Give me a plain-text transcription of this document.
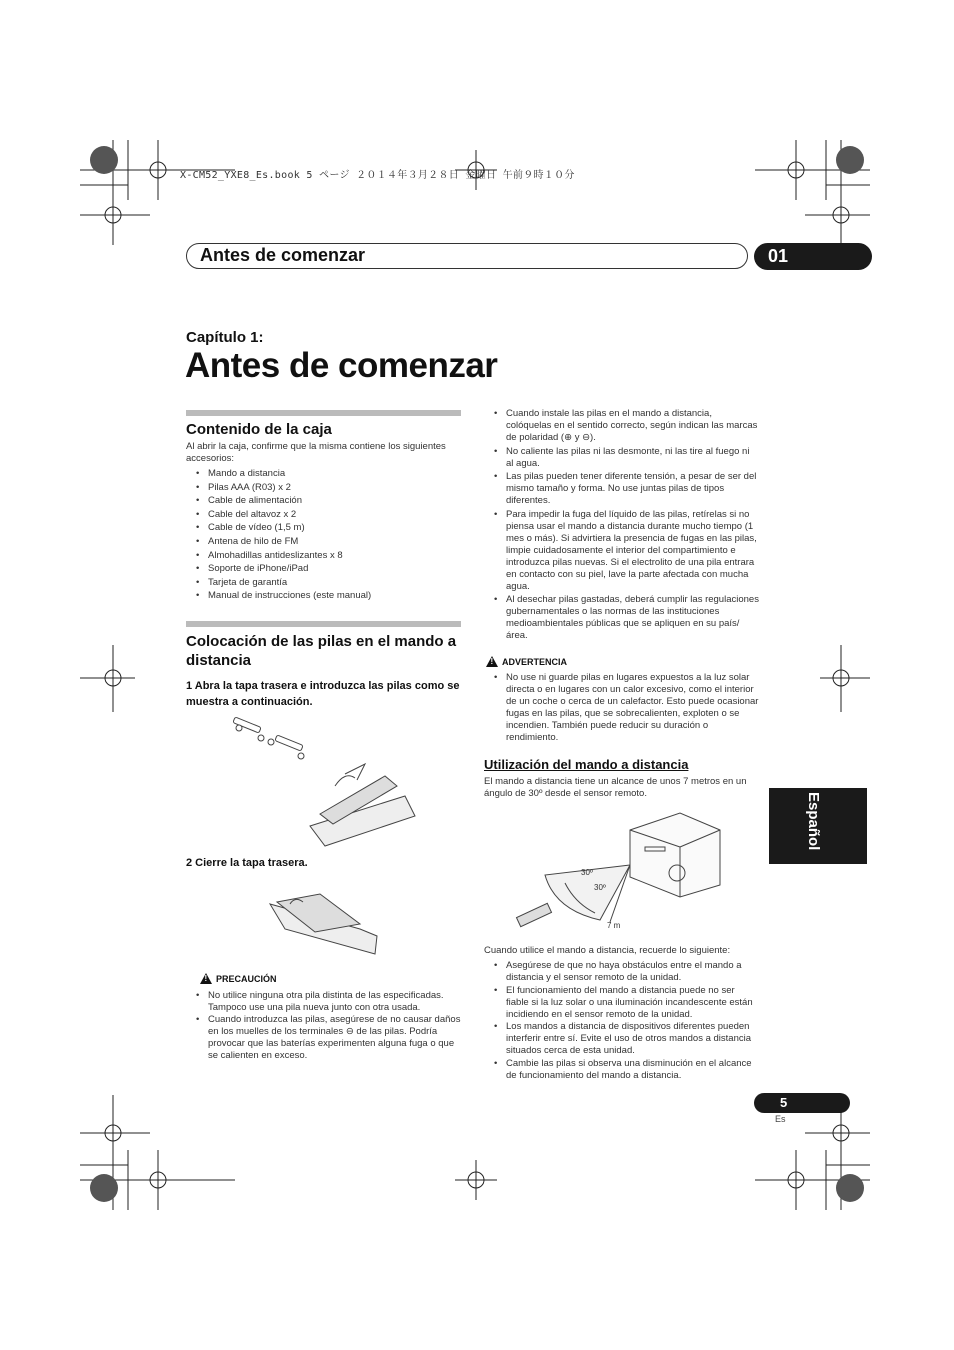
X-CM52_YXE8_Es.book 5 ページ ２０１４年３月２８日 金曜日 午前９時１０分
Antes de comenzar	01
Capítulo 1:
Antes de comenzar
Contenido de la caja
Al abrir la caja, confirme que la misma contiene los siguientes accesorios:
• Mando a distancia
• Pilas AAA (R03) x 2
• Cable de alimentación
• Cable del altavoz x 2
• Cable de vídeo (1,5 m)
• Antena de hilo de FM
• Almohadillas antideslizantes x 8
• Soporte de iPhone/iPad
• Tarjeta de garantía
• Manual de instrucciones (este manual)
Colocación de las pilas en el mando a distancia
1 Abra la tapa trasera e introduzca las pilas como se muestra a continuación.
2 Cierre la tapa trasera.
! PRECAUCIÓN
• No utilice ninguna otra pila distinta de las especificadas. Tampoco use una pila nueva junto con otra usada.
• Cuando introduzca las pilas, asegúrese de no causar daños en los muelles de los terminales ⊖ de las pilas. Podría provocar que las baterías experimenten alguna fuga o que se calienten en exceso.
• Cuando instale las pilas en el mando a distancia, colóquelas en el sentido correcto, según indican las marcas de polaridad (⊕ y ⊖).
• No caliente las pilas ni las desmonte, ni las tire al fuego ni al agua.
• Las pilas pueden tener diferente tensión, a pesar de ser del mismo tamaño y forma. No use juntas pilas de tipos diferentes.
• Para impedir la fuga del líquido de las pilas, retírelas si no piensa usar el mando a distancia durante mucho tiempo (1 mes o más). Si advirtiera la presencia de fugas en las pilas, limpie cuidadosamente el interior del compartimiento e introduzca pilas nuevas. Si el electrolito de una pila entrara en contacto con su piel, lave la parte afectada con mucha agua.
• Al desechar pilas gastadas, deberá cumplir las regulaciones gubernamentales o las normas de las instituciones medioambientales públicas que se apliquen en su país/área.
! ADVERTENCIA
• No use ni guarde pilas en lugares expuestos a la luz solar directa o en lugares con un calor excesivo, como el interior de un coche o cerca de un calefactor. Esto puede ocasionar fugas en las pilas, que se sobrecalienten, exploten o se incendien. También puede reducir su duración o rendimiento.
Utilización del mando a distancia
El mando a distancia tiene un alcance de unos 7 metros en un ángulo de 30º desde el sensor remoto.
30º
30º
7 m
Cuando utilice el mando a distancia, recuerde lo siguiente:
• Asegúrese de que no haya obstáculos entre el mando a distancia y el sensor remoto de la unidad.
• El funcionamiento del mando a distancia puede no ser fiable si la luz solar o una iluminación incandescente están incidiendo en el sensor remoto de la unidad.
• Los mandos a distancia de dispositivos diferentes pueden interferir entre sí. Evite el uso de otros mandos a distancia situados cerca de esta unidad.
• Cambie las pilas si observa una disminución en el alcance de funcionamiento del mando a distancia.
Español
5
Es
